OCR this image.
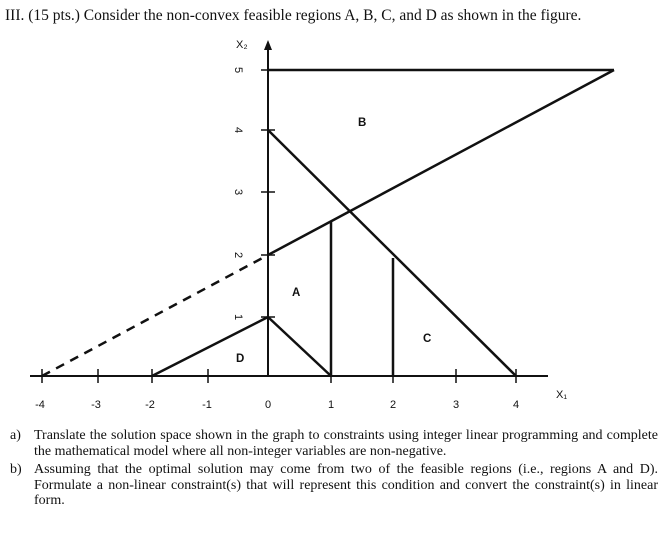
III. (15 pts.) Consider the non-convex feasible regions A, B, C, and D as shown in the figure.
X₂
X₁
-4	-3	-2	-1	0	1	2	3	4
1
2
3
4
5
A
B
C
D
a) Translate the solution space shown in the graph to constraints using integer linear programming and complete the mathematical model where all non-integer variables are non-negative.
b) Assuming that the optimal solution may come from two of the feasible regions (i.e., regions A and D). Formulate a non-linear constraint(s) that will represent this condition and convert the constraint(s) in linear form.
